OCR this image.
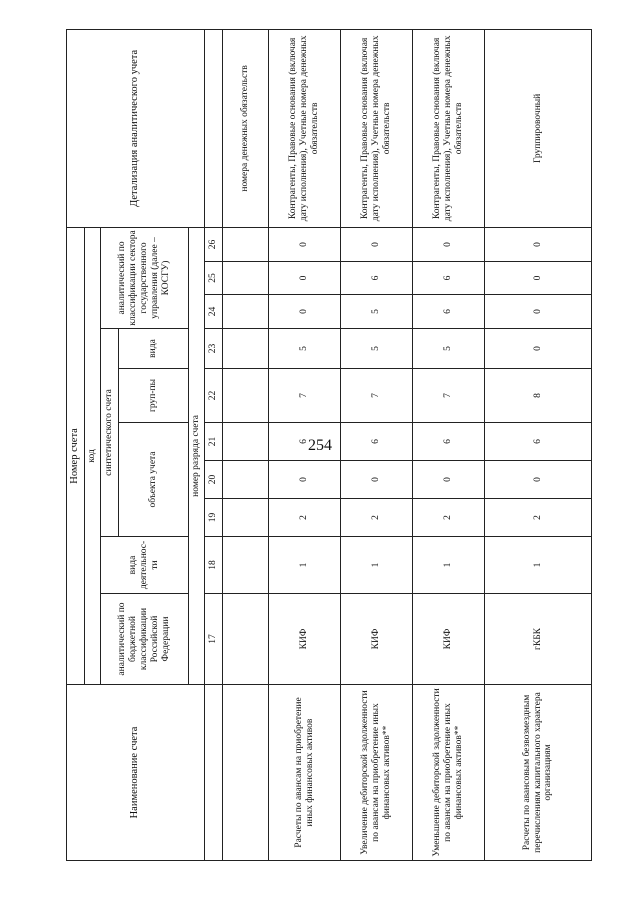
254
Наименование счета	Номер счета										Детализация аналитического учета
	код										
	аналитический по бюджетной классификации Российской Федерации	вида деятельнос-ти	синтетического счета					аналитический по классификации сектора государственного управления (далее – КОСГУ)			
			объекта учета			груп-пы	вида				
	номер разряда счета										
	17	18	19	20	21	22	23	24	25	26	
											номера денежных обязательств
Расчеты по авансам на приобретение иных финансовых активов	КИФ	1	2	0	6	7	5	0	0	0	Контрагенты, Правовые основания (включая дату исполнения), Учетные номера денежных обязательств
Увеличение дебиторской задолженности по авансам на приобретение иных финансовых активов**	КИФ	1	2	0	6	7	5	5	6	0	Контрагенты, Правовые основания (включая дату исполнения), Учетные номера денежных обязательств
Уменьшение дебиторской задолженности по авансам на приобретение иных финансовых активов**	КИФ	1	2	0	6	7	5	6	6	0	Контрагенты, Правовые основания (включая дату исполнения), Учетные номера денежных обязательств
Расчеты по авансовым безвозмездным перечислениям капитального характера организациям	гКБК	1	2	0	6	8	0	0	0	0	Группировочный
